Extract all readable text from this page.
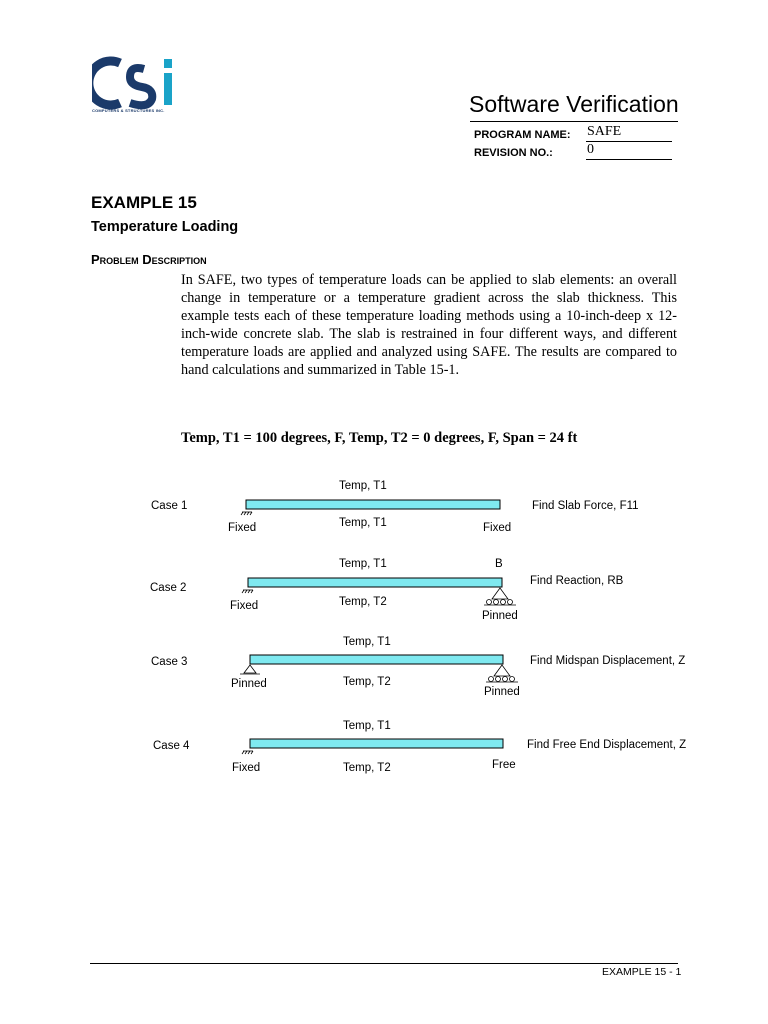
COMPUTERS & STRUCTURES INC.	Software Verification
PROGRAM NAME: SAFE
REVISION NO.: 0
EXAMPLE 15
Temperature Loading
Problem Description
In SAFE, two types of temperature loads can be applied to slab elements: an overall change in temperature or a temperature gradient across the slab thickness. This example tests each of these temperature loading methods using a 10-inch-deep x 12-inch-wide concrete slab. The slab is restrained in four different ways, and different temperature loads are applied and analyzed using SAFE. The results are compared to hand calculations and summarized in Table 15-1.
Temp, T1 = 100 degrees, F, Temp, T2 = 0 degrees, F, Span = 24 ft
Case 1
Temp, T1
Fixed	Temp, T1	Fixed
Find Slab Force, F11
Case 2
Temp, T1	B
Fixed	Temp, T2
Pinned
Find Reaction, RB
Case 3
Temp, T1
Pinned	Temp, T2
Pinned
Find Midspan Displacement, Z
Case 4
Temp, T1
Fixed	Temp, T2	Free
Find Free End Displacement, Z
EXAMPLE 15 - 1
